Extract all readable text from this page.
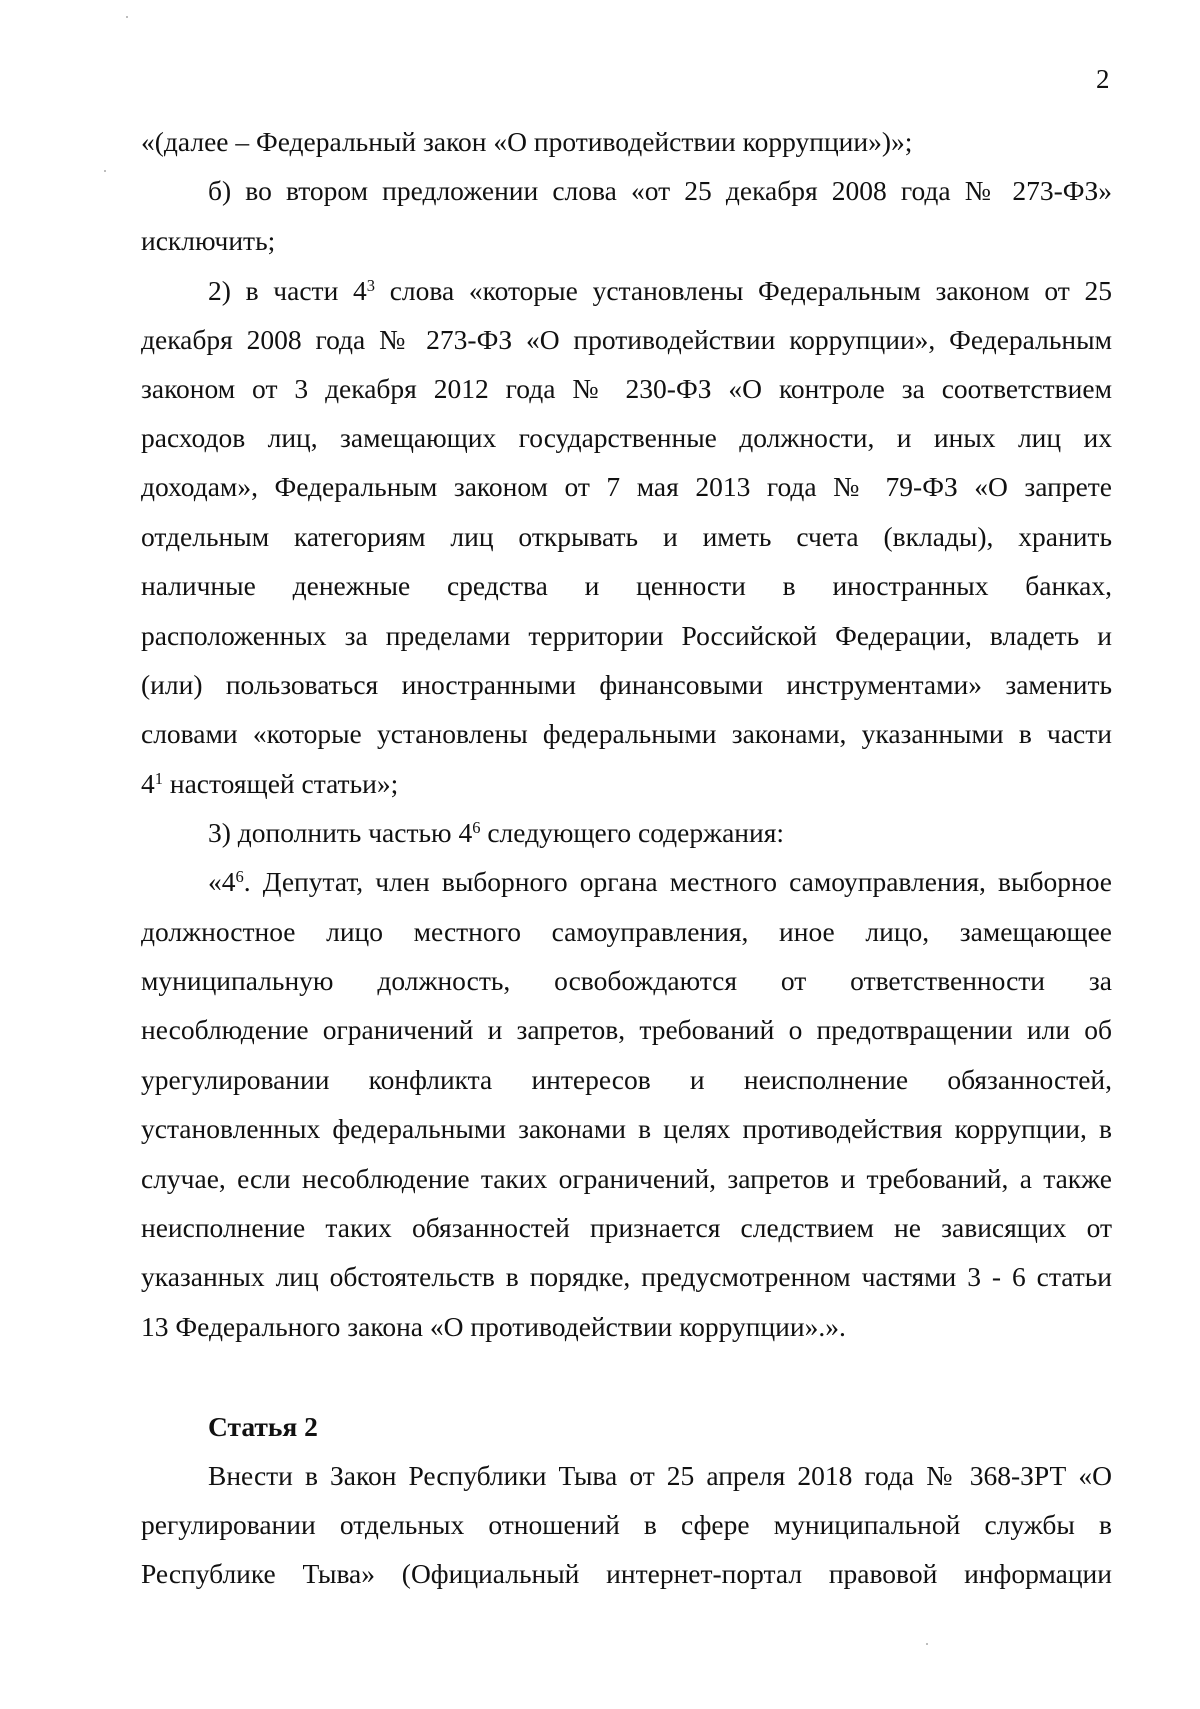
2
«(далее – Федеральный закон «О противодействии коррупции»)»;
б) во втором предложении слова «от 25 декабря 2008 года № 273-ФЗ»
исключить;
2) в части $4^3$ слова «которые установлены Федеральным законом от 25
декабря 2008 года № 273-ФЗ «О противодействии коррупции», Федеральным
законом от 3 декабря 2012 года № 230-ФЗ «О контроле за соответствием
расходов лиц, замещающих государственные должности, и иных лиц их
доходам», Федеральным законом от 7 мая 2013 года № 79-ФЗ «О запрете
отдельным категориям лиц открывать и иметь счета (вклады), хранить
наличные денежные средства и ценности в иностранных банках,
расположенных за пределами территории Российской Федерации, владеть и
(или) пользоваться иностранными финансовыми инструментами» заменить
словами «которые установлены федеральными законами, указанными в части
$4^1$ настоящей статьи»;
3) дополнить частью $4^6$ следующего содержания:
«$4^6$. Депутат, член выборного органа местного самоуправления, выборное
должностное лицо местного самоуправления, иное лицо, замещающее
муниципальную должность, освобождаются от ответственности за
несоблюдение ограничений и запретов, требований о предотвращении или об
урегулировании конфликта интересов и неисполнение обязанностей,
установленных федеральными законами в целях противодействия коррупции, в
случае, если несоблюдение таких ограничений, запретов и требований, а также
неисполнение таких обязанностей признается следствием не зависящих от
указанных лиц обстоятельств в порядке, предусмотренном частями 3 - 6 статьи
13 Федерального закона «О противодействии коррупции».».
Статья 2
Внести в Закон Республики Тыва от 25 апреля 2018 года № 368-ЗРТ «О
регулировании отдельных отношений в сфере муниципальной службы в
Республике Тыва» (Официальный интернет-портал правовой информации
